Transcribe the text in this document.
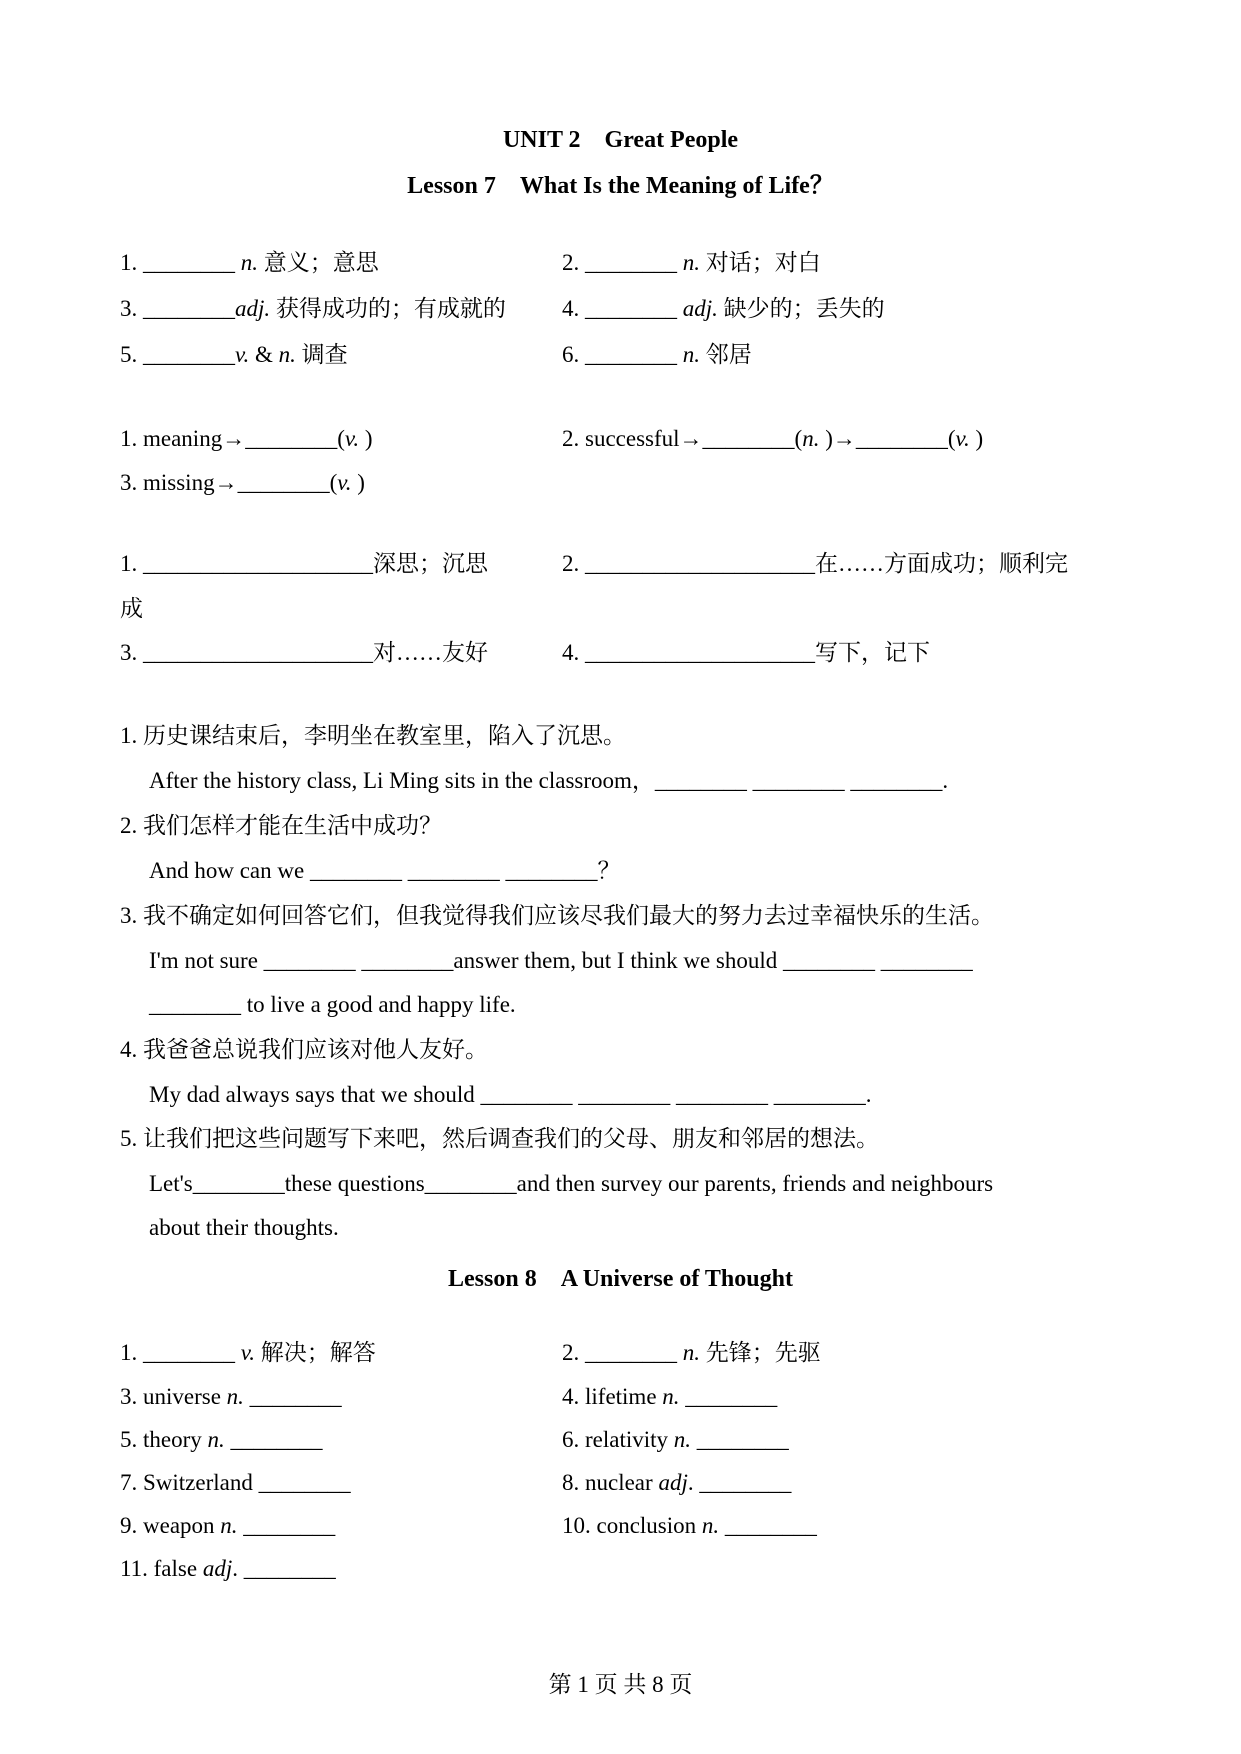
UNIT 2　Great People
Lesson 7　What Is the Meaning of Life？
1. ________ n. 意义；意思	2. ________ n. 对话；对白
3. ________adj. 获得成功的；有成就的 4. ________ adj. 缺少的；丢失的
5. ________v. & n. 调查	6. ________ n. 邻居
1. meaning→________(v. )	2. successful→________(n. )→________(v. )
3. missing→________(v. )
1. ____________________深思；沉思	2. ____________________在……方面成功；顺利完
成
3. ____________________对……友好	4. ____________________写下，记下
1. 历史课结束后，李明坐在教室里，陷入了沉思。
After the history class, Li Ming sits in the classroom，________ ________ ________.
2. 我们怎样才能在生活中成功？
And how can we ________ ________ ________？
3. 我不确定如何回答它们，但我觉得我们应该尽我们最大的努力去过幸福快乐的生活。
I'm not sure ________ ________answer them, but I think we should ________ ________
________ to live a good and happy life.
4. 我爸爸总说我们应该对他人友好。
My dad always says that we should ________ ________ ________ ________.
5. 让我们把这些问题写下来吧，然后调查我们的父母、朋友和邻居的想法。
Let's________these questions________and then survey our parents, friends and neighbours
about their thoughts.
Lesson 8　A Universe of Thought
1. ________ v. 解决；解答	2. ________ n. 先锋；先驱
3. universe n. ________	4. lifetime n. ________
5. theory n. ________	6. relativity n. ________
7. Switzerland ________	8. nuclear adj. ________
9. weapon n. ________	10. conclusion n. ________
11. false adj. ________
第 1 页 共 8 页
